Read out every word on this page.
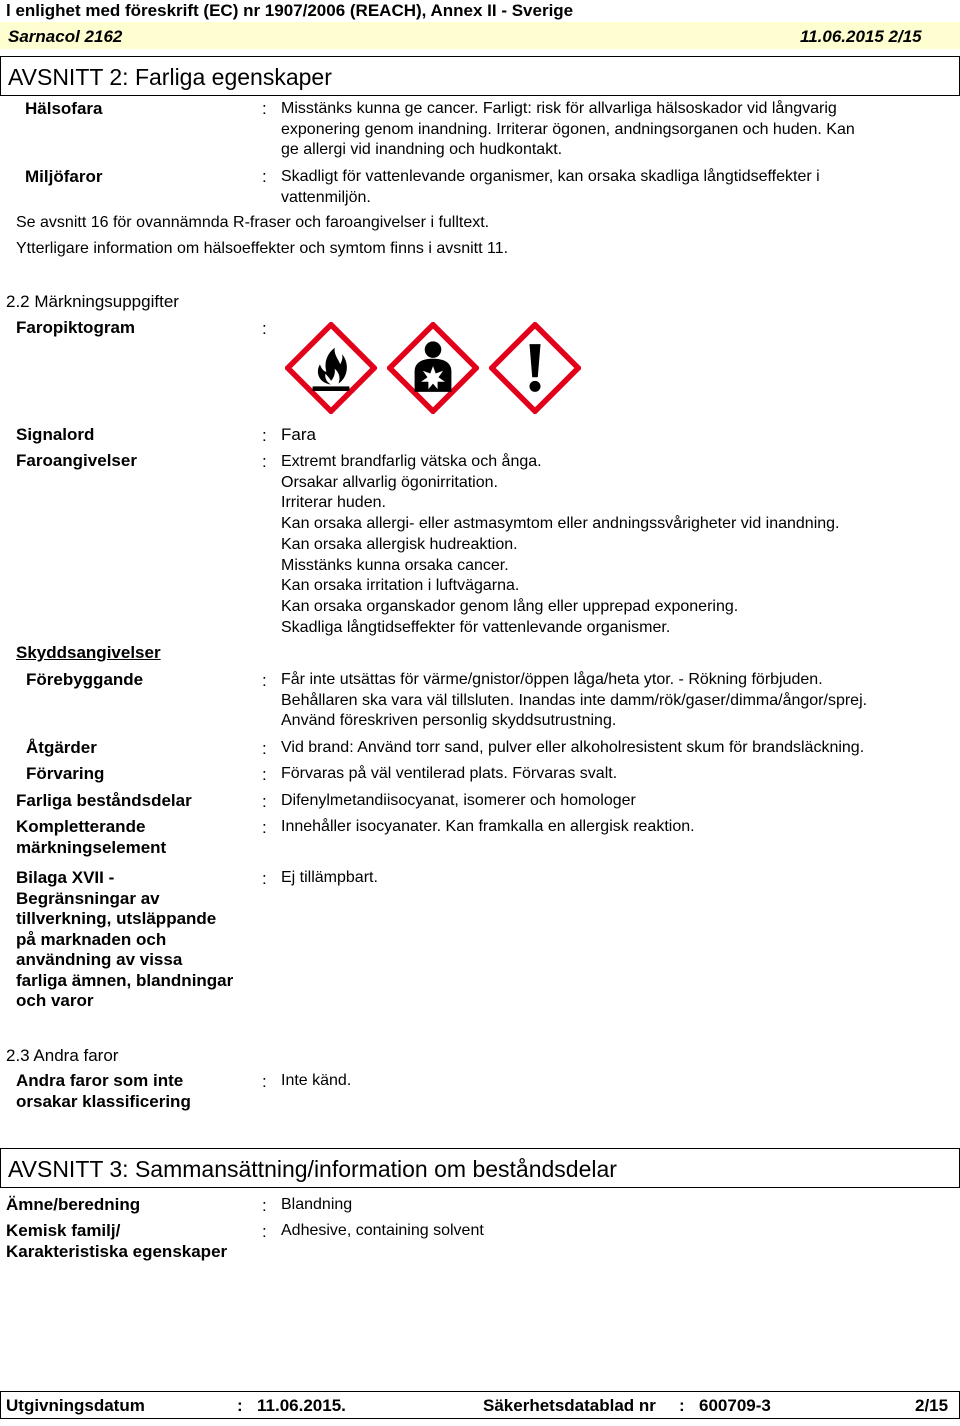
l enlighet med föreskrift (EC) nr 1907/2006 (REACH), Annex II - Sverige
Sarnacol 2162	11.06.2015 2/15
AVSNITT 2: Farliga egenskaper
Hälsofara	: Misstänks kunna ge cancer. Farligt: risk för allvarliga hälsoskador vid långvarig
exponering genom inandning. Irriterar ögonen, andningsorganen och huden. Kan
ge allergi vid inandning och hudkontakt.
Miljöfaror	: Skadligt för vattenlevande organismer, kan orsaka skadliga långtidseffekter i
vattenmiljön.
Se avsnitt 16 för ovannämnda R-fraser och faroangivelser i fulltext.
Ytterligare information om hälsoeffekter och symtom finns i avsnitt 11.
2.2 Märkningsuppgifter
Faropiktogram	:
Signalord	: Fara
Faroangivelser	: Extremt brandfarlig vätska och ånga.
Orsakar allvarlig ögonirritation.
Irriterar huden.
Kan orsaka allergi- eller astmasymtom eller andningssvårigheter vid inandning.
Kan orsaka allergisk hudreaktion.
Misstänks kunna orsaka cancer.
Kan orsaka irritation i luftvägarna.
Kan orsaka organskador genom lång eller upprepad exponering.
Skadliga långtidseffekter för vattenlevande organismer.
Skyddsangivelser
Förebyggande	: Får inte utsättas för värme/gnistor/öppen låga/heta ytor. - Rökning förbjuden.
Behållaren ska vara väl tillsluten. Inandas inte damm/rök/gaser/dimma/ångor/sprej.
Använd föreskriven personlig skyddsutrustning.
Åtgärder	: Vid brand: Använd torr sand, pulver eller alkoholresistent skum för brandsläckning.
Förvaring	: Förvaras på väl ventilerad plats. Förvaras svalt.
Farliga beståndsdelar	: Difenylmetandiisocyanat, isomerer och homologer
Kompletterande
märkningselement
: Innehåller isocyanater. Kan framkalla en allergisk reaktion.
Bilaga XVII -
Begränsningar av
tillverkning, utsläppande
på marknaden och
användning av vissa
farliga ämnen, blandningar
och varor
: Ej tillämpbart.
2.3 Andra faror
Andra faror som inte
orsakar klassificering
: Inte känd.
AVSNITT 3: Sammansättning/information om beståndsdelar
Ämne/beredning	: Blandning
Kemisk familj/
Karakteristiska egenskaper
: Adhesive, containing solvent
Utgivningsdatum	: 11.06.2015.	Säkerhetsdatablad nr : 600709-3	2/15
